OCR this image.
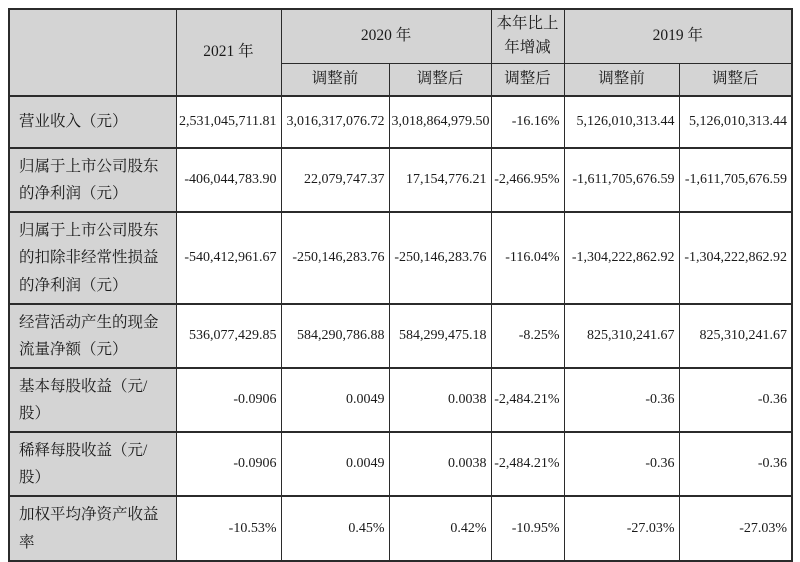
	2021 年	2020 年		本年比上年增减	2019 年	
		调整前	调整后	调整后	调整前	调整后
营业收入（元）	2,531,045,711.81	3,016,317,076.72	3,018,864,979.50	-16.16%	5,126,010,313.44	5,126,010,313.44
归属于上市公司股东的净利润（元）	-406,044,783.90	22,079,747.37	17,154,776.21	-2,466.95%	-1,611,705,676.59	-1,611,705,676.59
归属于上市公司股东的扣除非经常性损益的净利润（元）	-540,412,961.67	-250,146,283.76	-250,146,283.76	-116.04%	-1,304,222,862.92	-1,304,222,862.92
经营活动产生的现金流量净额（元）	536,077,429.85	584,290,786.88	584,299,475.18	-8.25%	825,310,241.67	825,310,241.67
基本每股收益（元/股）	-0.0906	0.0049	0.0038	-2,484.21%	-0.36	-0.36
稀释每股收益（元/股）	-0.0906	0.0049	0.0038	-2,484.21%	-0.36	-0.36
加权平均净资产收益率	-10.53%	0.45%	0.42%	-10.95%	-27.03%	-27.03%
